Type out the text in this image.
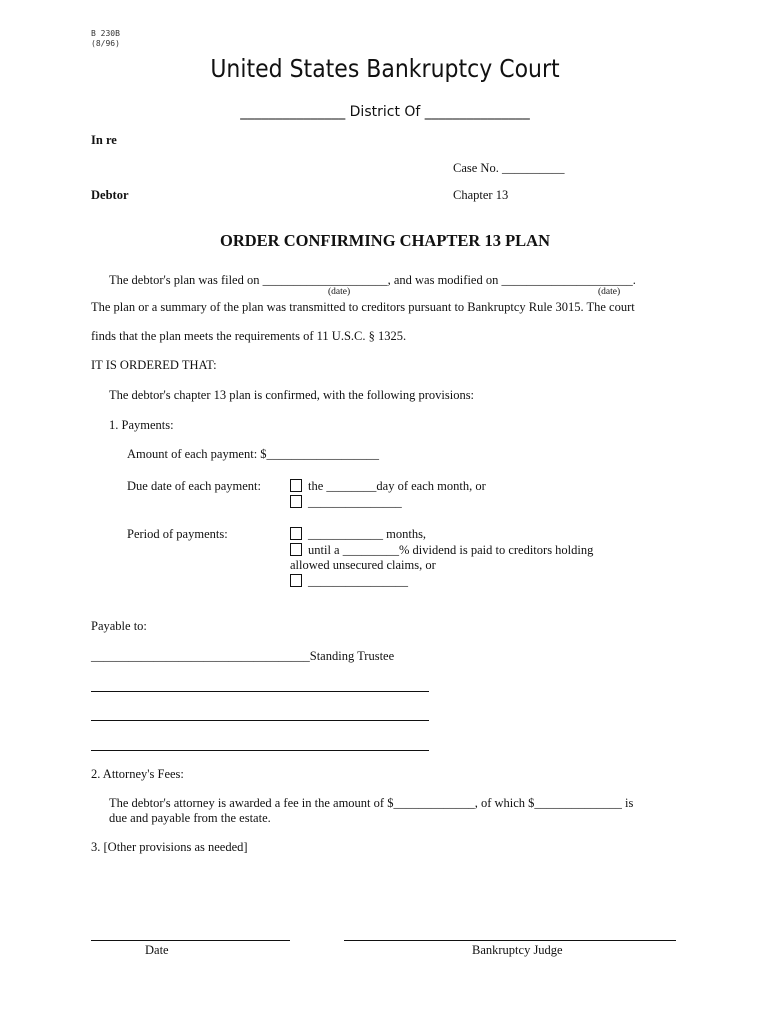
B 230B
(8/96)
United States Bankruptcy Court
_______________ District Of _______________
In re
Case No. __________
Debtor	Chapter 13
ORDER CONFIRMING CHAPTER 13 PLAN
The debtor's plan was filed on ____________________, and was modified on _____________________.
(date)	(date)
The plan or a summary of the plan was transmitted to creditors pursuant to Bankruptcy Rule 3015. The court
finds that the plan meets the requirements of 11 U.S.C. § 1325.
IT IS ORDERED THAT:
The debtor's chapter 13 plan is confirmed, with the following provisions:
1. Payments:
Amount of each payment: $__________________
Due date of each payment:	the ________day of each month, or
_______________
Period of payments:	____________ months,
until a _________% dividend is paid to creditors holding
allowed unsecured claims, or
________________
Payable to:
___________________________________Standing Trustee
2. Attorney's Fees:
The debtor's attorney is awarded a fee in the amount of $_____________, of which $______________ is
due and payable from the estate.
3. [Other provisions as needed]
Date	Bankruptcy Judge
